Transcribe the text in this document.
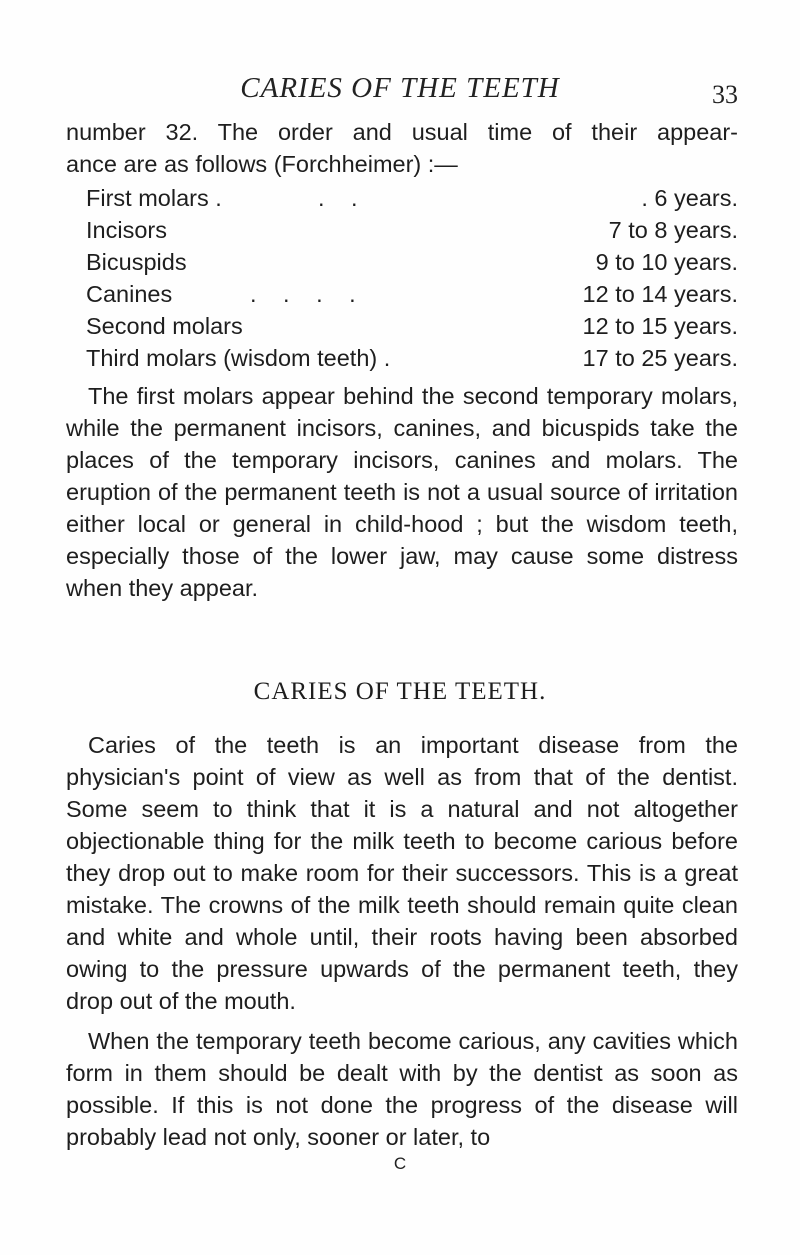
CARIES OF THE TEETH	33
number 32. The order and usual time of their appear-
ance are as follows (Forchheimer) :—
First molars .	. .	. 6 years.
Incisors	7 to 8 years.
Bicuspids	9 to 10 years.
Canines	. . . .	12 to 14 years.
Second molars	12 to 15 years.
Third molars (wisdom teeth) .	17 to 25 years.
The first molars appear behind the second temporary molars, while the permanent incisors, canines, and bicuspids take the places of the temporary incisors, canines and molars. The eruption of the permanent teeth is not a usual source of irritation either local or general in child-hood ; but the wisdom teeth, especially those of the lower jaw, may cause some distress when they appear.
CARIES OF THE TEETH.
Caries of the teeth is an important disease from the physician's point of view as well as from that of the dentist. Some seem to think that it is a natural and not altogether objectionable thing for the milk teeth to become carious before they drop out to make room for their successors. This is a great mistake. The crowns of the milk teeth should remain quite clean and white and whole until, their roots having been absorbed owing to the pressure upwards of the permanent teeth, they drop out of the mouth.
When the temporary teeth become carious, any cavities which form in them should be dealt with by the dentist as soon as possible. If this is not done the progress of the disease will probably lead not only, sooner or later, to
C
